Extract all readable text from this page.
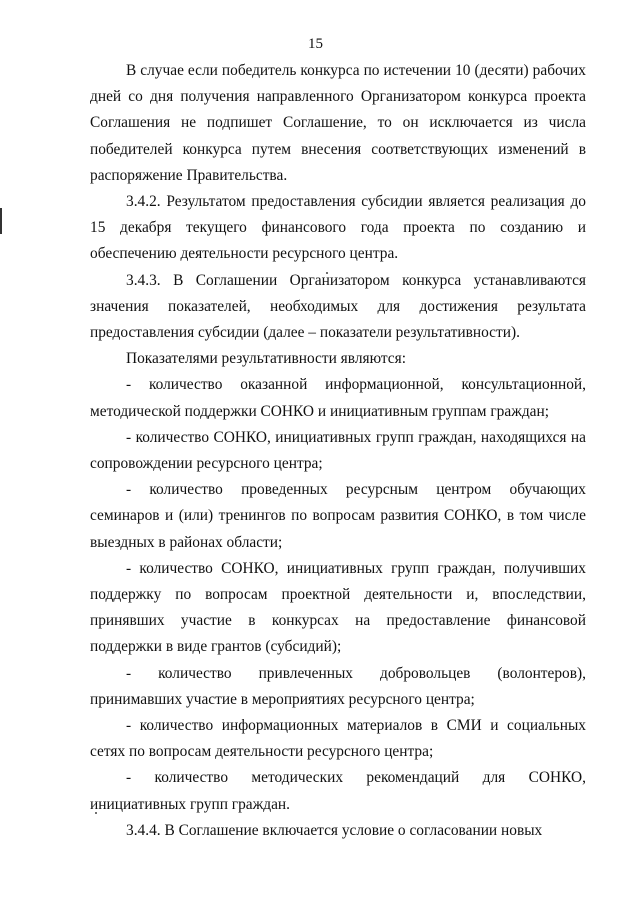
15

В случае если победитель конкурса по истечении 10 (десяти) рабочих дней со дня получения направленного Организатором конкурса проекта Соглашения не подпишет Соглашение, то он исключается из числа победителей конкурса путем внесения соответствующих изменений в распоряжение Правительства.

3.4.2. Результатом предоставления субсидии является реализация до 15 декабря текущего финансового года проекта по созданию и обеспечению деятельности ресурсного центра.

3.4.3. В Соглашении Организатором конкурса устанавливаются значения показателей, необходимых для достижения результата предоставления субсидии (далее – показатели результативности).

Показателями результативности являются:

- количество оказанной информационной, консультационной, методической поддержки СОНКО и инициативным группам граждан;

- количество СОНКО, инициативных групп граждан, находящихся на сопровождении ресурсного центра;

- количество проведенных ресурсным центром обучающих семинаров и (или) тренингов по вопросам развития СОНКО, в том числе выездных в районах области;

- количество СОНКО, инициативных групп граждан, получивших поддержку по вопросам проектной деятельности и, впоследствии, принявших участие в конкурсах на предоставление финансовой поддержки в виде грантов (субсидий);

- количество привлеченных добровольцев (волонтеров), принимавших участие в мероприятиях ресурсного центра;

- количество информационных материалов в СМИ и социальных сетях по вопросам деятельности ресурсного центра;

- количество методических рекомендаций для СОНКО, инициативных групп граждан.

3.4.4. В Соглашение включается условие о согласовании новых
